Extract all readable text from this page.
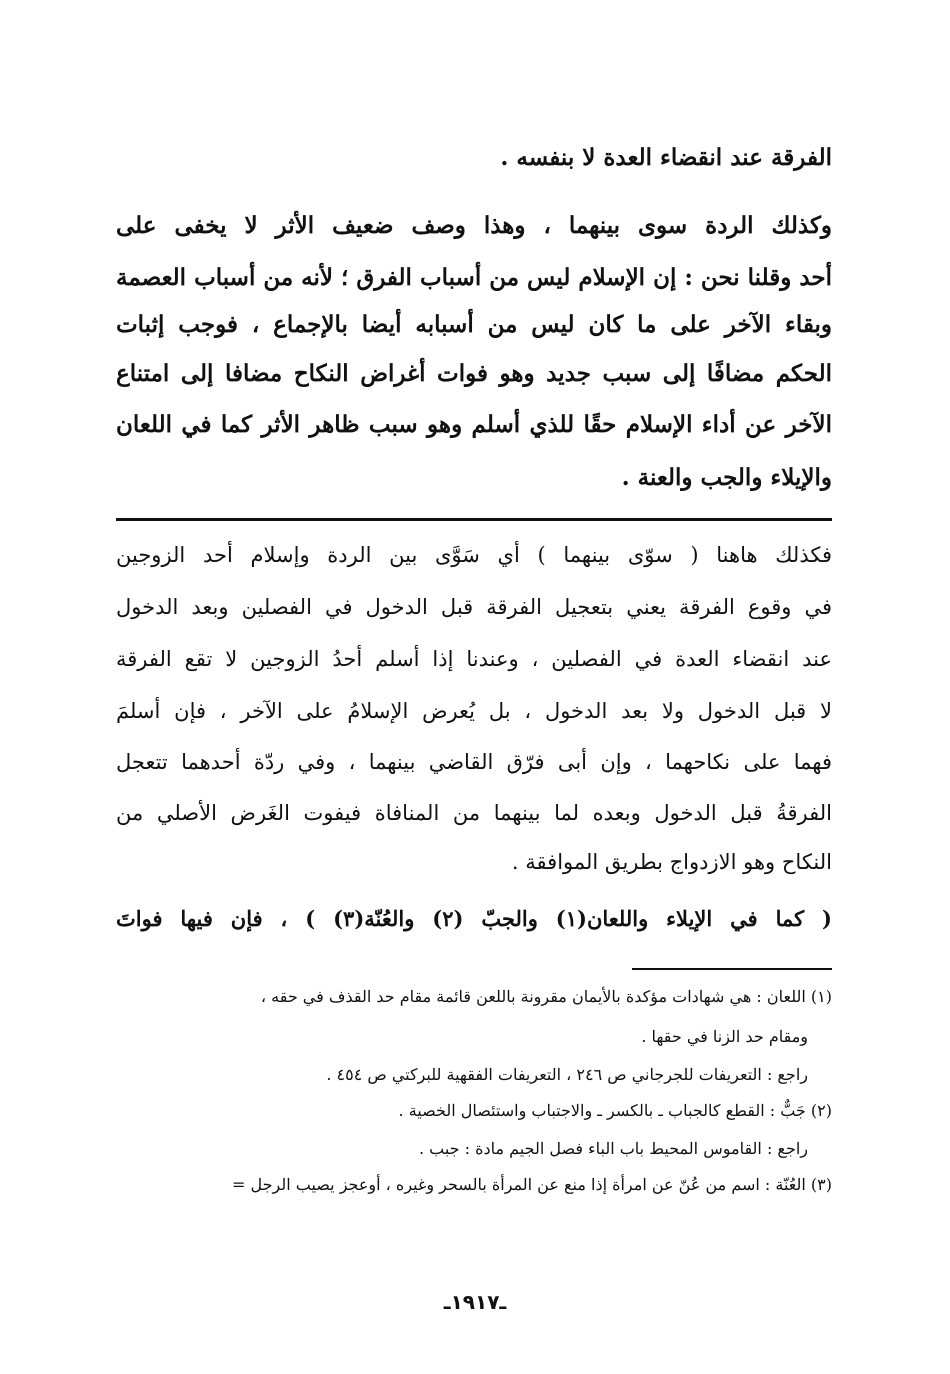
الفرقة عند انقضاء العدة لا بنفسه .
وكذلك الردة سوى بينهما ، وهذا وصف ضعيف الأثر لا يخفى على
أحد وقلنا نحن : إن الإسلام ليس من أسباب الفرق ؛ لأنه من أسباب العصمة
وبقاء الآخر على ما كان ليس من أسبابه أيضا بالإجماع ، فوجب إثبات
الحكم مضافًا إلى سبب جديد وهو فوات أغراض النكاح مضافا إلى امتناع
الآخر عن أداء الإسلام حقًا للذي أسلم وهو سبب ظاهر الأثر كما في اللعان
والإيلاء والجب والعنة .
فكذلك هاهنا ( سوّى بينهما ) أي سَوَّى بين الردة وإسلام أحد الزوجين
في وقوع الفرقة يعني بتعجيل الفرقة قبل الدخول في الفصلين وبعد الدخول
عند انقضاء العدة في الفصلين ، وعندنا إذا أسلم أحدُ الزوجين لا تقع الفرقة
لا قبل الدخول ولا بعد الدخول ، بل يُعرض الإسلامُ على الآخر ، فإن أسلمَ
فهما على نكاحهما ، وإن أبى فرّق القاضي بينهما ، وفي ردّة أحدهما تتعجل
الفرقةُ قبل الدخول وبعده لما بينهما من المنافاة فيفوت الغَرض الأصلي من
النكاح وهو الازدواج بطريق الموافقة .
( كما في الإيلاء واللعان(١) والجبّ (٢) والعُنّة(٣) ) ، فإن فيها فواتَ
(١) اللعان : هي شهادات مؤكدة بالأيمان مقرونة باللعن قائمة مقام حد القذف في حقه ،
ومقام حد الزنا في حقها .
راجع : التعريفات للجرجاني ص ٢٤٦ ، التعريفات الفقهية للبركتي ص ٤٥٤ .
(٢) جَبٌّ : القطع كالجباب ـ بالكسر ـ والاجتباب واستئصال الخصية .
راجع : القاموس المحيط باب الباء فصل الجيم مادة : جبب .
(٣) العُنّة : اسم من عُنّ عن امرأة إذا منع عن المرأة بالسحر وغيره ، أوعجز يصيب الرجل =
ـ١٩١٧ـ
